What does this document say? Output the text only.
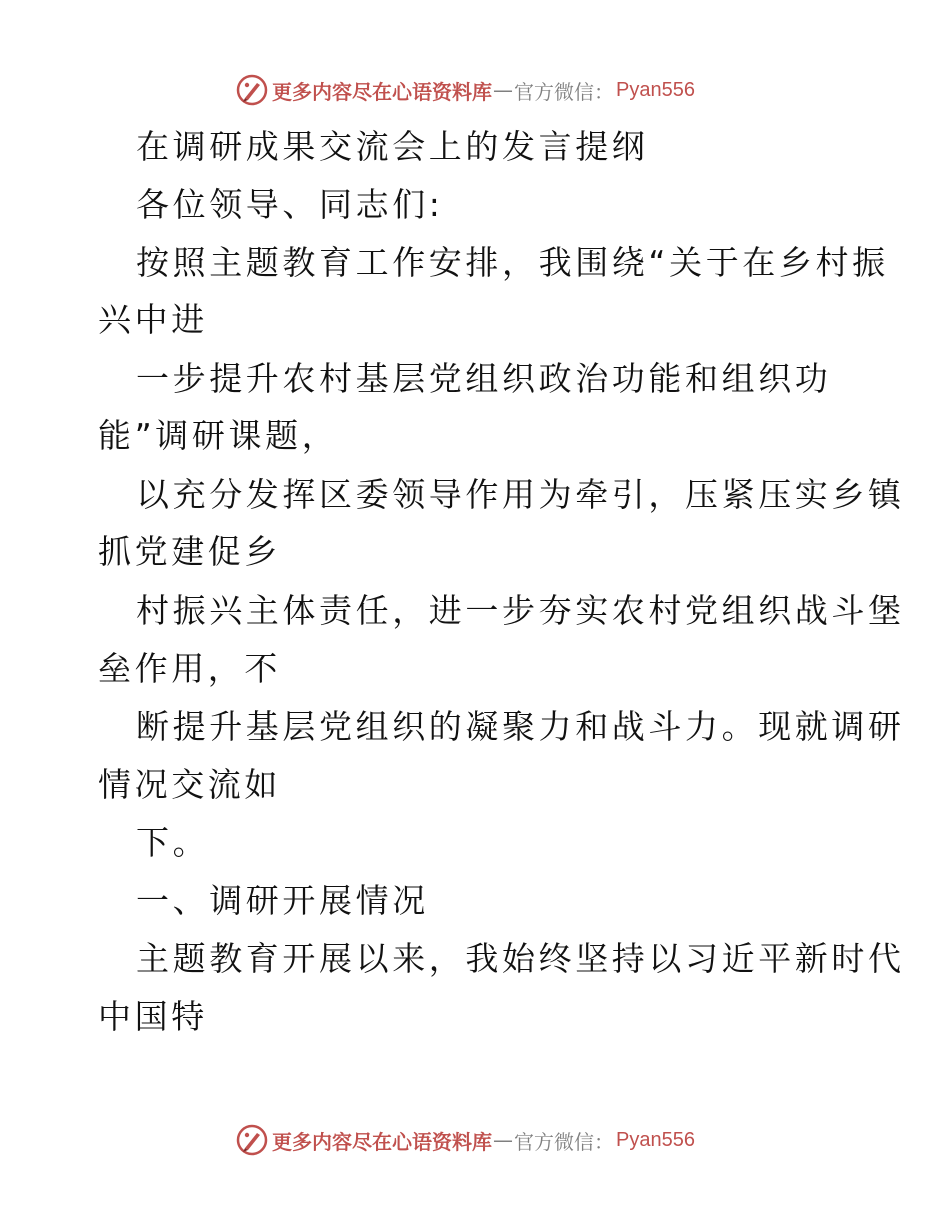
更多内容尽在心语资料库 — 官方微信： Pyan556
在调研成果交流会上的发言提纲
各位领导、同志们:
按照主题教育工作安排，我围绕“关于在乡村振
兴中进
一步提升农村基层党组织政治功能和组织功
能”调研课题，
以充分发挥区委领导作用为牵引，压紧压实乡镇
抓党建促乡
村振兴主体责任，进一步夯实农村党组织战斗堡
垒作用，不
断提升基层党组织的凝聚力和战斗力。现就调研
情况交流如
下。
一、调研开展情况
主题教育开展以来，我始终坚持以习近平新时代
中国特
更多内容尽在心语资料库 — 官方微信： Pyan556
